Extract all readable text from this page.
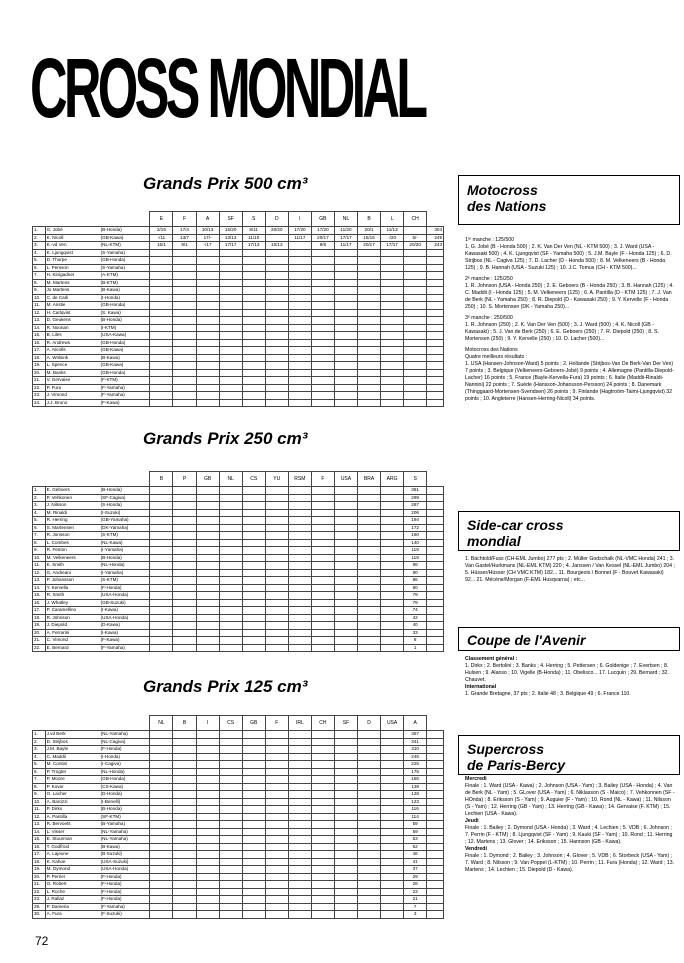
CROSS MONDIAL
Grands Prix 500 cm³
			E	F	A	SF	S	D	I	GB	NL	B	L	CH	
1.	G. Jobé	(B-Honda)	2/15	17/4	10/13	15/20	8/11	20/20	17/20	17/20	11/20	20/1	11/13		304
2.	K. Nicoll	(GB-Kawa)	-/11	13/7	17/-	13/13	11/10		11/17	20/17	17/17	15/15	-/20	5/-	249
3.	K.-vd Ven	(NL-KTM)	15/1	9/1	-/17	17/17	17/13	10/13		8/8	11/17	20/17	17/17	20/20	243
4.	K. Ljungqvist	(S-Yamaha)													
5.	D. Thorpe	(GB-Honda)													
6.	L. Persson	(S-Yamaha)													
7.	H. Kinigadner	(A-KTM)													
8.	M. Martens	(B-KTM)													
9.	Jo Martens	(B-Kawa)													
10.	C. de Carli	(I-Honda)													
11.	M. Anstie	(GB-Honda)													
12.	H. Carlqvist	(S. Kawa)													
13.	D. Geukens	(B-Honda)													
14.	R. Noonan	(I-KTM)													
15.	B. Liles	(USA-Kawa)													
16.	R. Andrews	(GB-Honda)													
17.	A. Nicolls	(GB-Kawa)													
18.	A. Wolsink	(B-Kawa)													
19.	L. Spence	(GB-Kawa)													
20.	M. Banks	(GB-Honda)													
21.	V. Gervaise	(F-KTM)													
22.	P. Fura	(F-Yamaha)													
23.	J. Vimond	(F-Yamaha)													
24.	J.J. Bruno	(F-Kawa)													
Grands Prix 250 cm³
			B	P	GB	NL	CS	YU	RSM	F	USA	BRA	ARG	S	
1.	E. Geboers	(B-Honda)												381	
2.	P. Vehkonen	(SF-Cagiva)												299	
3.	J. Nilsson	(S-Honda)												287	
4.	M. Rinaldi	(I-Suzuki)												206	
5.	R. Herring	(GB-Yamaha)												194	
6.	S. Martensen	(DK-Yamaha)												172	
7.	R. Jonsson	(S-KTM)												160	
8.	L. Combes	(NL-Kawa)												140	
9.	R. Fenton	(I-Yamaha)												119	
10.	M. Velkeneers	(B-Honda)												119	
11.	K. Smith	(NL-Honda)												98	
12.	G. Andreani	(I-Yamaha)												90	
13.	P. Johansson	(S-KTM)												86	
14.	Y. Kervella	(F-Honda)												80	
15.	R. Smith	(USA-Honda)												79	
16.	J. Whatley	(GB-Suzuki)												79	
17.	P. Caramellino	(I-Kawa)												74	
18.	R. Johnson	(USA-Honda)												42	
19.	J. Diepold	(D-Kawa)												40	
20.	A. Ferrarini	(I-Kawa)												33	
21.	C. Vimond	(F-Kawa)												8	
22.	E. Bernard	(F-Yamaha)												1	
Grands Prix 125 cm³
			NL	B	I	CS	GB	F	IRL	CH	SF	D	USA	A	
1.	J.vd Berk	(NL-Yamaha)												357	
2.	D. Strijbos	(NL-Cagiva)												341	
3.	J.M. Bayle	(F-Honda)												310	
4.	C. Maddii	(I-Honda)												245	
5.	M. Contini	(I-Cagiva)												225	
6.	P. Trogter	(NL-Honda)												175	
7.	P. Moore	(GB-Honda)												155	
8.	P. Kovar	(CS-Kawa)												139	
9.	O. Lacher	(D-Honda)												128	
10.	A. Barozzi	(I-Benelli)												123	
11.	P. Dirkx	(B-Honda)												116	
12.	A. Pantilla	(SF-KTM)												114	
13.	R. Bervoets	(B-Yamaha)												59	
14.	L. Visser	(NL-Yamaha)												59	
15.	E. Stuurman	(NL-Yamaha)												53	
16.	T. Godfroid	(B-Kawa)												52	
17.	A. Lajeune	(B-Suzuki)												46	
18.	K. Kahoe	(USA-Suzuki)												41	
19.	M. Dymond	(USA-Honda)												37	
20.	P. Perrier	(F-Honda)												29	
21.	O. Robert	(F-Honda)												28	
22.	L. Roche	(F-Honda)												23	
23.	J. Rallaz	(F-Honda)												21	
29.	P. Dameria	(F-Yamaha)												7	
30.	A. Fura	(F-Suzuki)												3	
Motocross
des Nations

1ʳᵉ manche : 125/500

1. G. Jobé (B - Honda 500) ; 2. K. Van Der Ven (NL - KTM 500) ; 3. J. Ward (USA - Kawasaki 500) ; 4. K. Ljungqvist (SF - Yamaha 500) ; 5. J.M. Bayle (F - Honda 125) ; 6. D. Strijbos (NL - Cagiva 125) ; 7. D. Lacher (D - Honda 500) ; 8. M. Velkeneers (B - Honda 125) ; 9. B. Hannah (USA - Suzuki 125) ; 10. J.C. Tomus (CH - KTM 500)...

2ᵉ manche : 125/250

1. R. Johnson (USA - Honda 250) ; 2. E. Geboers (B - Honda 250) ; 3. B. Hannah (125) ; 4. C. Maddii (I - Honda 125) ; 5. M. Velkeneers (125) ; 6. A. Pantilla (D - KTM 125) ; 7. J. Van de Berk (NL - Yamaha 250) ; 8. R. Diepold (D - Kawasaki 250) ; 9. Y. Kervelle (F - Honda 250) ; 10. S. Mortensen (DK - Yamaha 250)...

3ᵉ manche : 250/500

1. R. Johnson (250) ; 2. K. Van Der Ven (500) ; 3. J. Ward (500) ; 4. K. Nicoll (GB - Kawasaki) ; 5. J. Van de Berk (250) ; 6. E. Geboers (250) ; 7. R. Diepold (250) ; 8. S. Mortensen (250) ; 9. Y. Kervelle (250) ; 10. D. Lacher (500)...

Motocross des Nations

Quatre meilleurs résultats :

1. USA (Hansen-Johnson-Ward) 5 points ; 2. Hollande (Strijbos-Van De Berk-Van Der Ven) 7 points ; 3. Belgique (Velkeneers-Geboers-Jobé) 9 points ; 4. Allemagne (Pantilla-Diepold-Lacher) 16 points ; 5. France (Bayle-Kervella-Fura) 19 points ; 6. Italie (Maddii-Rinaldi-Nannini) 22 points ; 7. Suède (Hansson-Johansson-Persson) 24 points ; 8. Danemark (Thinggaard-Mortensen-Svendsen) 26 points ; 9. Finlande (Hagtroöm-Taimi-Ljungqvist) 32 points ; 10. Angleterre (Hansen-Herring-Nicoll) 34 points.

Side-car cross
mondial
1. Bächtold/Fuss (CH-EML Jumbo) 277 pts ; 2. Müller Godschalk (NL-VMC Honda) 241 ; 3. Van Gastel/Hurkmans (NL-EML KTM) 220 ; 4. Janssen / Van Kessel (NL-EML Jumbo) 204 ; 5. Hüsser/Hüsser (CH VMC KTM) 182... 11. Bourgeois / Bonnet (F - Bouvet Kawasaki) 92... 21. Mécène/Morgan (F-EML Husqvarna) ; etc...
Coupe de l'Avenir

Classement général :

1. Dirkx ; 2. Bertolini ; 3. Banks ; 4. Herring ; 5. Pettersen ; 6. Goldenige ; 7. Evertsen ; 8. Hulsen ; 9. Alanso ; 10. Vigelle (B-Honda) ; 11. Obelisco... 17. Lucquin ; 29. Bernard ; 32. Chauvet.

International

1. Grande Bretagne, 37 pts ; 2. Italie 48 ; 3. Belgique 49 ; 6. France 110.

Supercross
de Paris-Bercy

Mercredi

Finale : 1. Ward (USA - Kawa) ; 2. Johnson (USA - Yam) ; 3. Bailey (USA - Honda) ; 4. Van de Berk (NL - Yam) ; 5. GLover (USA - Yam) ; 6. Niklasson (S - Maico) ; 7. Vehkonnen (SF - HOnda) ; 8. Eriksson (S - Yam) ; 9. Auguier (F - Yam) ; 10. Rond (NL - Kawa) ; 11. Nilsson (S - Yam) ; 12. Herring (GB - Yam) ; 13. Herring (GB - Kawa) ; 14. Gervaise (F. KTM) ; 15. Lechien (USA - Kawa).

Jeudi

Finale : 1. Bailey ; 2. Dymond (USA - Honda) ; 3. Ward ; 4. Lechien ; 5. VDB ; 6. Johnson ; 7. Perrin (F - KTM) ; 8. Ljungqvist (SF - Yam) ; 9. Kauki (SF - Yam) ; 10. Rond ; 11. Herring ; 12. Martens ; 13. Glover ; 14. Eriksson ; 15. Hannson (GB - Kawa).

Vendredi

Finale : 1. Dymond ; 2. Bailey ; 3. Johnson ; 4. Glover ; 5. VDB ; 6. Storbeck (USA - Yam) ; 7. Ward ; 8. Nilsson ; 9. Van Poppel (L-KTM) ; 10. Perrin ; 11. Fura (Honda) ; 12. Ward ; 13. Martens ; 14. Lechien ; 15. Diepold (D - Kawa).

72
